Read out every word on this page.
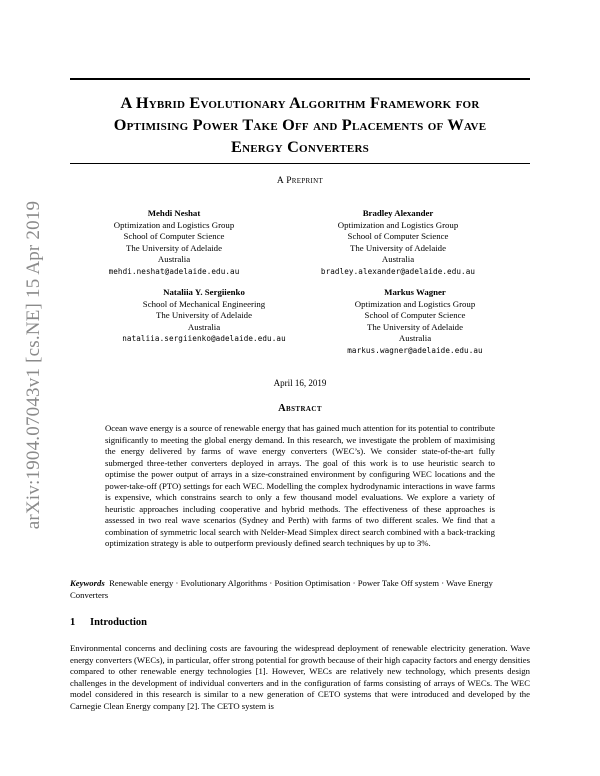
arXiv:1904.07043v1 [cs.NE] 15 Apr 2019
A Hybrid Evolutionary Algorithm Framework for
Optimising Power Take Off and Placements of Wave
Energy Converters
A Preprint
Mehdi Neshat
Optimization and Logistics Group
School of Computer Science
The University of Adelaide
Australia
mehdi.neshat@adelaide.edu.au
Bradley Alexander
Optimization and Logistics Group
School of Computer Science
The University of Adelaide
Australia
bradley.alexander@adelaide.edu.au
Nataliia Y. Sergiienko
School of Mechanical Engineering
The University of Adelaide
Australia
nataliia.sergiienko@adelaide.edu.au
Markus Wagner
Optimization and Logistics Group
School of Computer Science
The University of Adelaide
Australia
markus.wagner@adelaide.edu.au
April 16, 2019
Abstract

Ocean wave energy is a source of renewable energy that has gained much attention for its potential to contribute significantly to meeting the global energy demand. In this research, we investigate the problem of maximising the energy delivered by farms of wave energy converters (WEC’s). We consider state-of-the-art fully submerged three-tether converters deployed in arrays. The goal of this work is to use heuristic search to optimise the power output of arrays in a size-constrained environment by configuring WEC locations and the power-take-off (PTO) settings for each WEC. Modelling the complex hydrodynamic interactions in wave farms is expensive, which constrains search to only a few thousand model evaluations. We explore a variety of heuristic approaches including cooperative and hybrid methods. The effectiveness of these approaches is assessed in two real wave scenarios (Sydney and Perth) with farms of two different scales. We find that a combination of symmetric local search with Nelder-Mead Simplex direct search combined with a back-tracking optimization strategy is able to outperform previously defined search techniques by up to 3%.

Keywords Renewable energy · Evolutionary Algorithms · Position Optimisation · Power Take Off system · Wave Energy Converters

1 Introduction

Environmental concerns and declining costs are favouring the widespread deployment of renewable electricity generation. Wave energy converters (WECs), in particular, offer strong potential for growth because of their high capacity factors and energy densities compared to other renewable energy technologies [1]. However, WECs are relatively new technology, which presents design challenges in the development of individual converters and in the configuration of farms consisting of arrays of WECs. The WEC model considered in this research is similar to a new generation of CETO systems that were introduced and developed by the Carnegie Clean Energy company [2]. The CETO system is
